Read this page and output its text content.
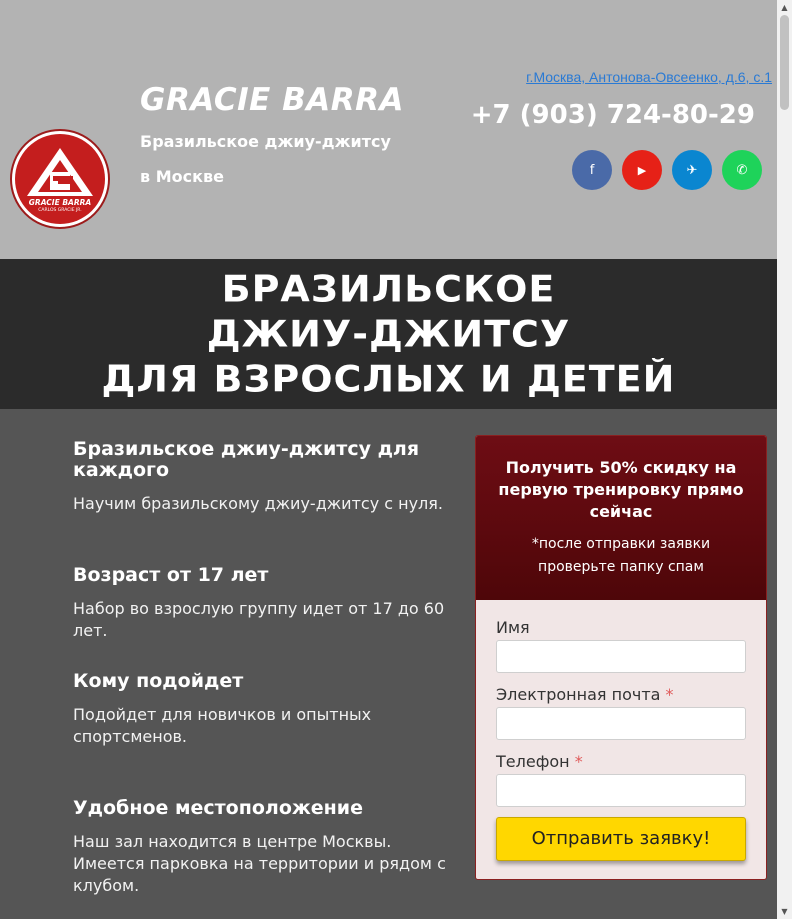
GRACIE BARRA
CARLOS GRACIE JR.
GRACIE BARRA
Бразильское джиу-джитсу в Москве
г.Москва, Антонова-Овсеенко, д.6, с.1
+7 (903) 724-80-29
f	▶	✈	✆
БРАЗИЛЬСКОЕ
ДЖИУ-ДЖИТСУ
ДЛЯ ВЗРОСЛЫХ И ДЕТЕЙ
Бразильское джиу-джитсу для каждого

Научим бразильскому джиу-джитсу с нуля.

Возраст от 17 лет

Набор во взрослую группу идет от 17 до 60 лет.

Кому подойдет

Подойдет для новичков и опытных спортсменов.

Удобное местоположение

Наш зал находится в центре Москвы. Имеется парковка на территории и рядом с клубом.

Получить 50% скидку на первую тренировку прямо сейчас

*после отправки заявки проверьте папку спам

Имя
Электронная почта *
Телефон *
Отправить заявку!
▲
▼
